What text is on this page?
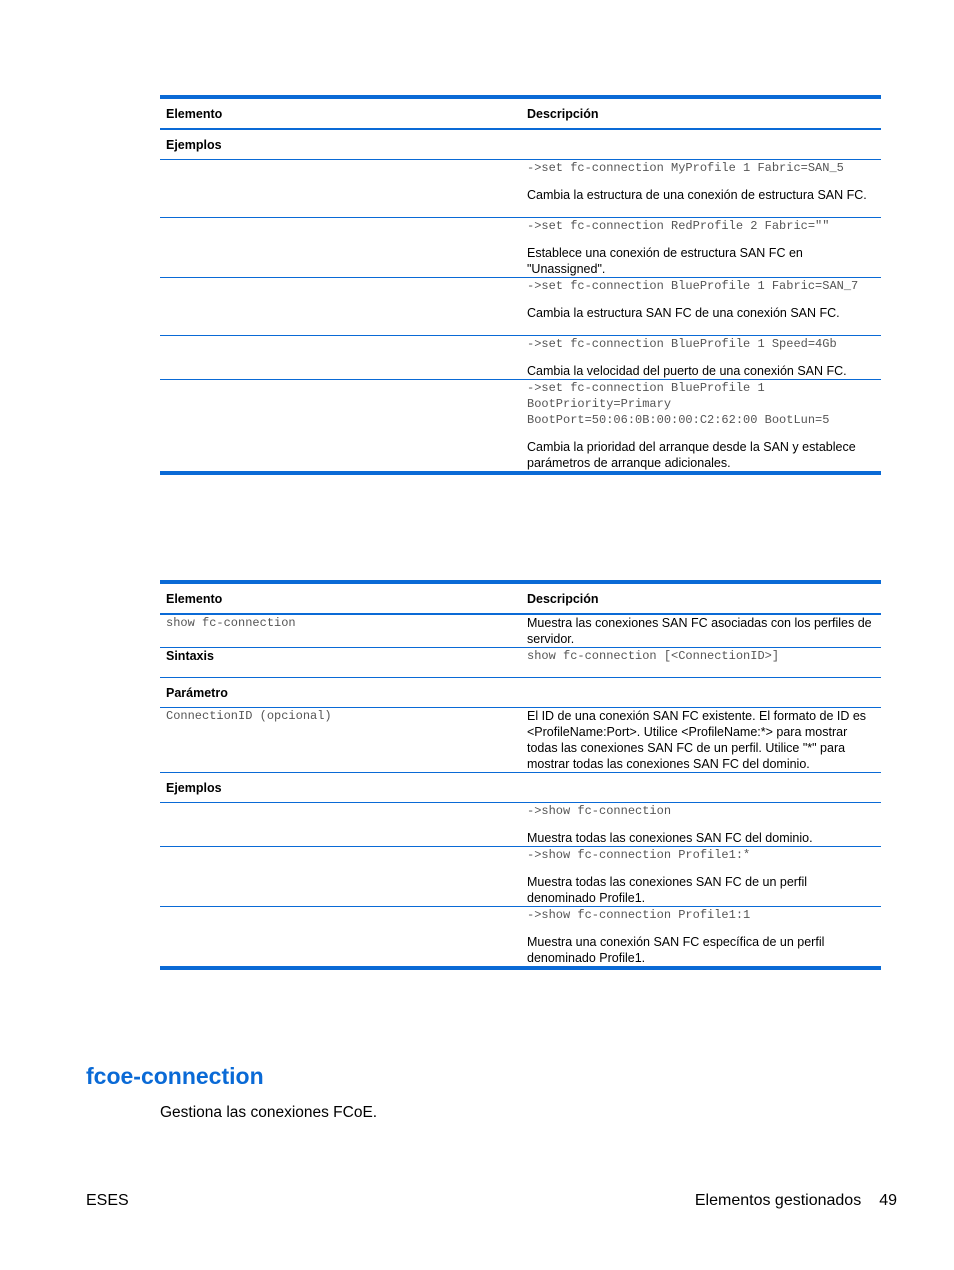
Elemento	Descripción
Ejemplos	

	->set fc-connection MyProfile 1 Fabric=SAN_5
Cambia la estructura de una conexión de estructura SAN FC.

	->set fc-connection RedProfile 2 Fabric=""
Establece una conexión de estructura SAN FC en "Unassigned".

	->set fc-connection BlueProfile 1 Fabric=SAN_7
Cambia la estructura SAN FC de una conexión SAN FC.

	->set fc-connection BlueProfile 1 Speed=4Gb
Cambia la velocidad del puerto de una conexión SAN FC.

	->set fc-connection BlueProfile 1 BootPriority=Primary BootPort=50:06:0B:00:00:C2:62:00 BootLun=5
Cambia la prioridad del arranque desde la SAN y establece parámetros de arranque adicionales.
Elemento	Descripción

show fc-connection	Muestra las conexiones SAN FC asociadas con los perfiles de servidor.
Sintaxis	show fc-connection [<ConnectionID>]

Parámetro	

ConnectionID (opcional)	El ID de una conexión SAN FC existente. El formato de ID es <ProfileName:Port>. Utilice <ProfileName:*> para mostrar todas las conexiones SAN FC de un perfil. Utilice "*" para mostrar todas las conexiones SAN FC del dominio.
Ejemplos	

	->show fc-connection
Muestra todas las conexiones SAN FC del dominio.

	->show fc-connection Profile1:*
Muestra todas las conexiones SAN FC de un perfil denominado Profile1.

	->show fc-connection Profile1:1
Muestra una conexión SAN FC específica de un perfil denominado Profile1.
fcoe-connection

Gestiona las conexiones FCoE.

ESES	Elementos gestionados 49
